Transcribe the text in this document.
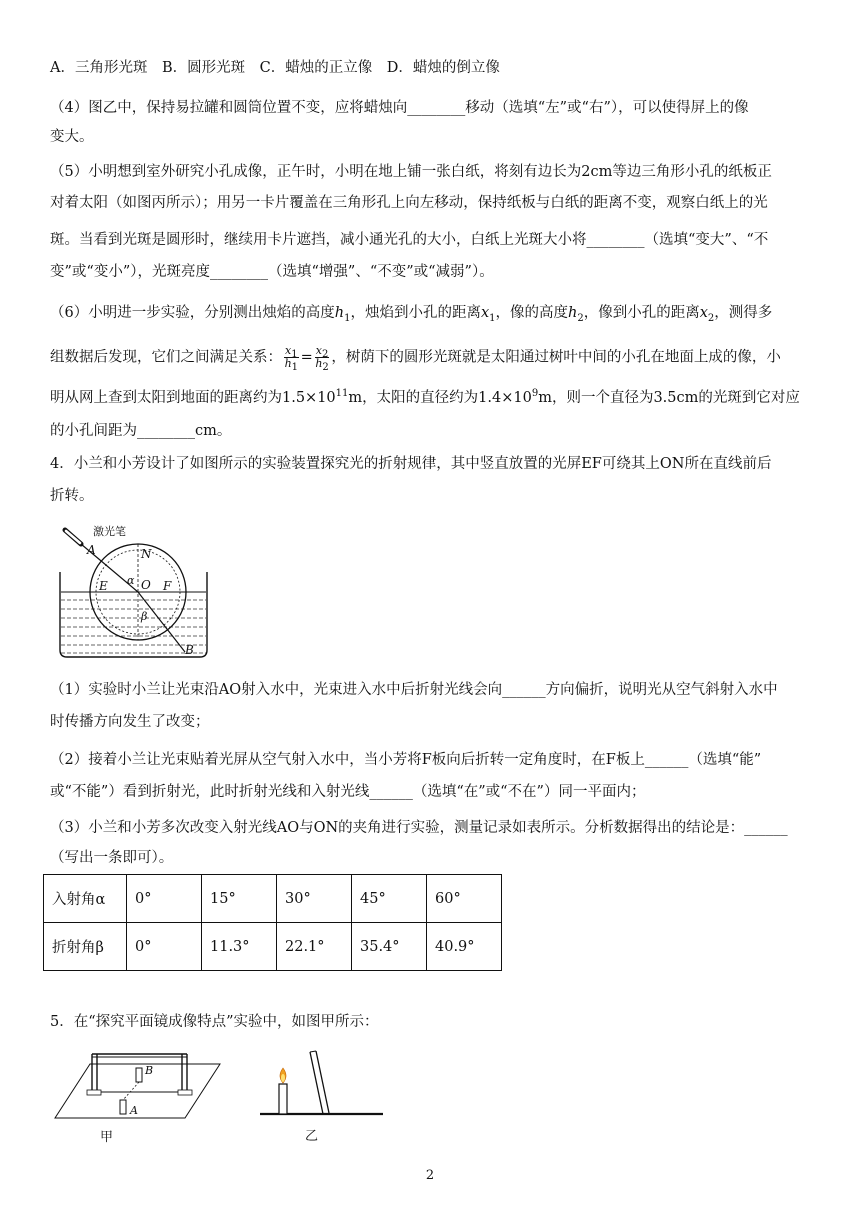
A．三角形光斑　B．圆形光斑　C．蜡烛的正立像　D．蜡烛的倒立像
（4）图乙中，保持易拉罐和圆筒位置不变，应将蜡烛向________移动（选填“左”或“右”），可以使得屏上的像
变大。
（5）小明想到室外研究小孔成像，正午时，小明在地上铺一张白纸，将刻有边长为2cm等边三角形小孔的纸板正
对着太阳（如图丙所示）；用另一卡片覆盖在三角形孔上向左移动，保持纸板与白纸的距离不变，观察白纸上的光
斑。当看到光斑是圆形时，继续用卡片遮挡，减小通光孔的大小，白纸上光斑大小将________（选填“变大”、“不
变”或“变小”），光斑亮度________（选填“增强”、“不变”或“减弱”）。
（6）小明进一步实验，分别测出烛焰的高度$h_1$，烛焰到小孔的距离$x_1$，像的高度$h_2$，像到小孔的距离$x_2$，测得多
组数据后发现，它们之间满足关系： $\frac{x_1}{h_1} = \frac{x_2}{h_2}$ ，树荫下的圆形光斑就是太阳通过树叶中间的小孔在地面上成的像，小
明从网上查到太阳到地面的距离约为$1.5\times 10^{11}m$，太阳的直径约为$1.4\times 10^9m$，则一个直径为3.5cm的光斑到它对应
的小孔间距为________cm。
4．小兰和小芳设计了如图所示的实验装置探究光的折射规律，其中竖直放置的光屏EF可绕其上ON所在直线前后
折转。
激光笔
A	N
α O
E	F
β
B
（1）实验时小兰让光束沿AO射入水中，光束进入水中后折射光线会向______方向偏折，说明光从空气斜射入水中
时传播方向发生了改变；
（2）接着小兰让光束贴着光屏从空气射入水中，当小芳将F板向后折转一定角度时，在F板上______（选填“能”
或“不能”）看到折射光，此时折射光线和入射光线______（选填“在”或“不在”）同一平面内；
（3）小兰和小芳多次改变入射光线AO与ON的夹角进行实验，测量记录如表所示。分析数据得出的结论是：______
（写出一条即可）。
入射角α	0°	15°	30°	45°	60°
折射角β	0°	11.3°	22.1°	35.4°	40.9°
5．在“探究平面镜成像特点”实验中，如图甲所示：
B
A
甲	乙
2
